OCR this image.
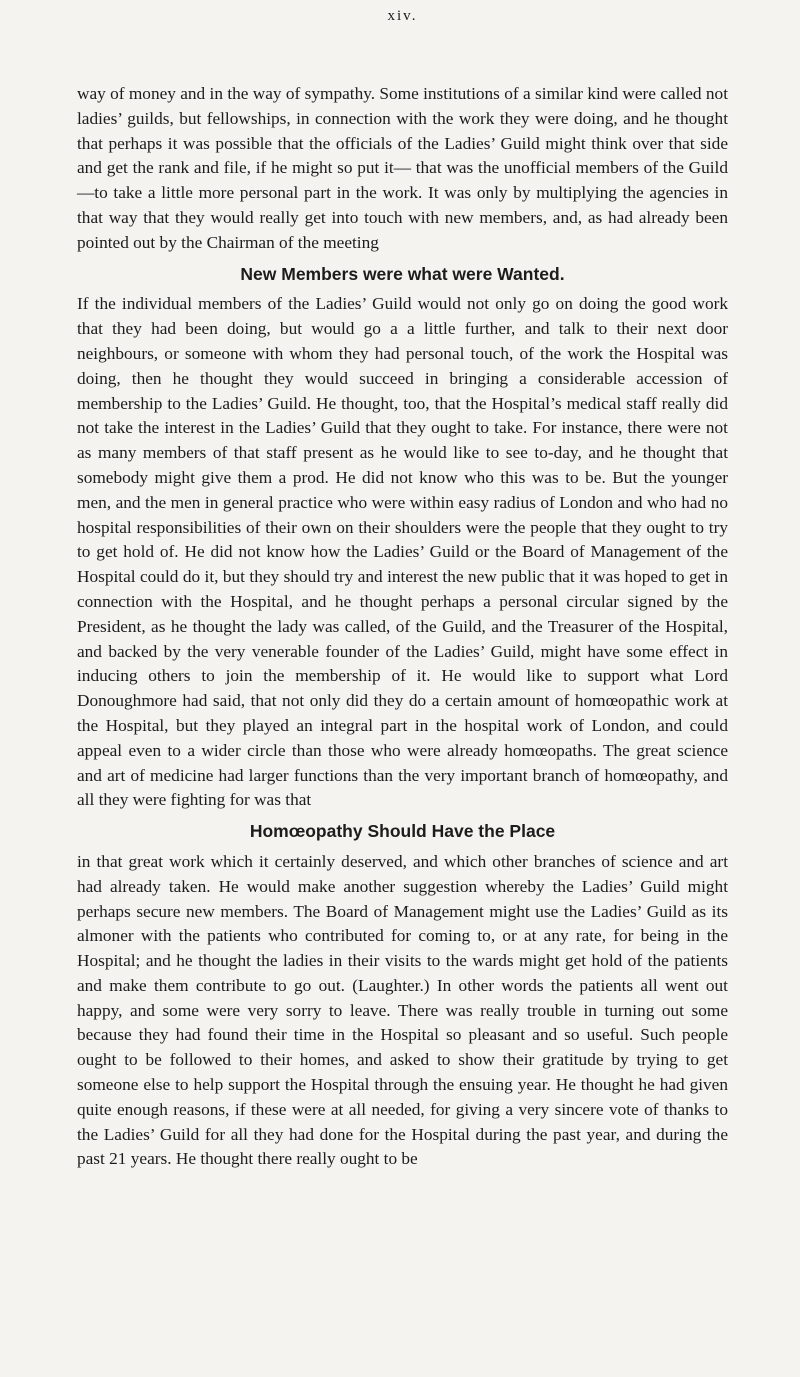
xiv.

way of money and in the way of sympathy. Some institutions of a similar kind were called not ladies’ guilds, but fellowships, in connection with the work they were doing, and he thought that perhaps it was possible that the officials of the Ladies’ Guild might think over that side and get the rank and file, if he might so put it— that was the unofficial members of the Guild—to take a little more personal part in the work. It was only by multiplying the agencies in that way that they would really get into touch with new members, and, as had already been pointed out by the Chairman of the meeting

New Members were what were Wanted.

If the individual members of the Ladies’ Guild would not only go on doing the good work that they had been doing, but would go a a little further, and talk to their next door neighbours, or someone with whom they had personal touch, of the work the Hospital was doing, then he thought they would succeed in bringing a considerable accession of membership to the Ladies’ Guild. He thought, too, that the Hospital’s medical staff really did not take the interest in the Ladies’ Guild that they ought to take. For instance, there were not as many members of that staff present as he would like to see to-day, and he thought that somebody might give them a prod. He did not know who this was to be. But the younger men, and the men in general practice who were within easy radius of London and who had no hospital responsibilities of their own on their shoulders were the people that they ought to try to get hold of. He did not know how the Ladies’ Guild or the Board of Management of the Hospital could do it, but they should try and interest the new public that it was hoped to get in connection with the Hospital, and he thought perhaps a personal circular signed by the President, as he thought the lady was called, of the Guild, and the Treasurer of the Hospital, and backed by the very venerable founder of the Ladies’ Guild, might have some effect in inducing others to join the membership of it. He would like to support what Lord Donoughmore had said, that not only did they do a certain amount of homœopathic work at the Hospital, but they played an integral part in the hospital work of London, and could appeal even to a wider circle than those who were already homœopaths. The great science and art of medicine had larger functions than the very important branch of homœopathy, and all they were fighting for was that

Homœopathy Should Have the Place

in that great work which it certainly deserved, and which other branches of science and art had already taken. He would make another suggestion whereby the Ladies’ Guild might perhaps secure new members. The Board of Management might use the Ladies’ Guild as its almoner with the patients who contributed for coming to, or at any rate, for being in the Hospital; and he thought the ladies in their visits to the wards might get hold of the patients and make them contribute to go out. (Laughter.) In other words the patients all went out happy, and some were very sorry to leave. There was really trouble in turning out some because they had found their time in the Hospital so pleasant and so useful. Such people ought to be followed to their homes, and asked to show their gratitude by trying to get someone else to help support the Hospital through the ensuing year. He thought he had given quite enough reasons, if these were at all needed, for giving a very sincere vote of thanks to the Ladies’ Guild for all they had done for the Hospital during the past year, and during the past 21 years. He thought there really ought to be
